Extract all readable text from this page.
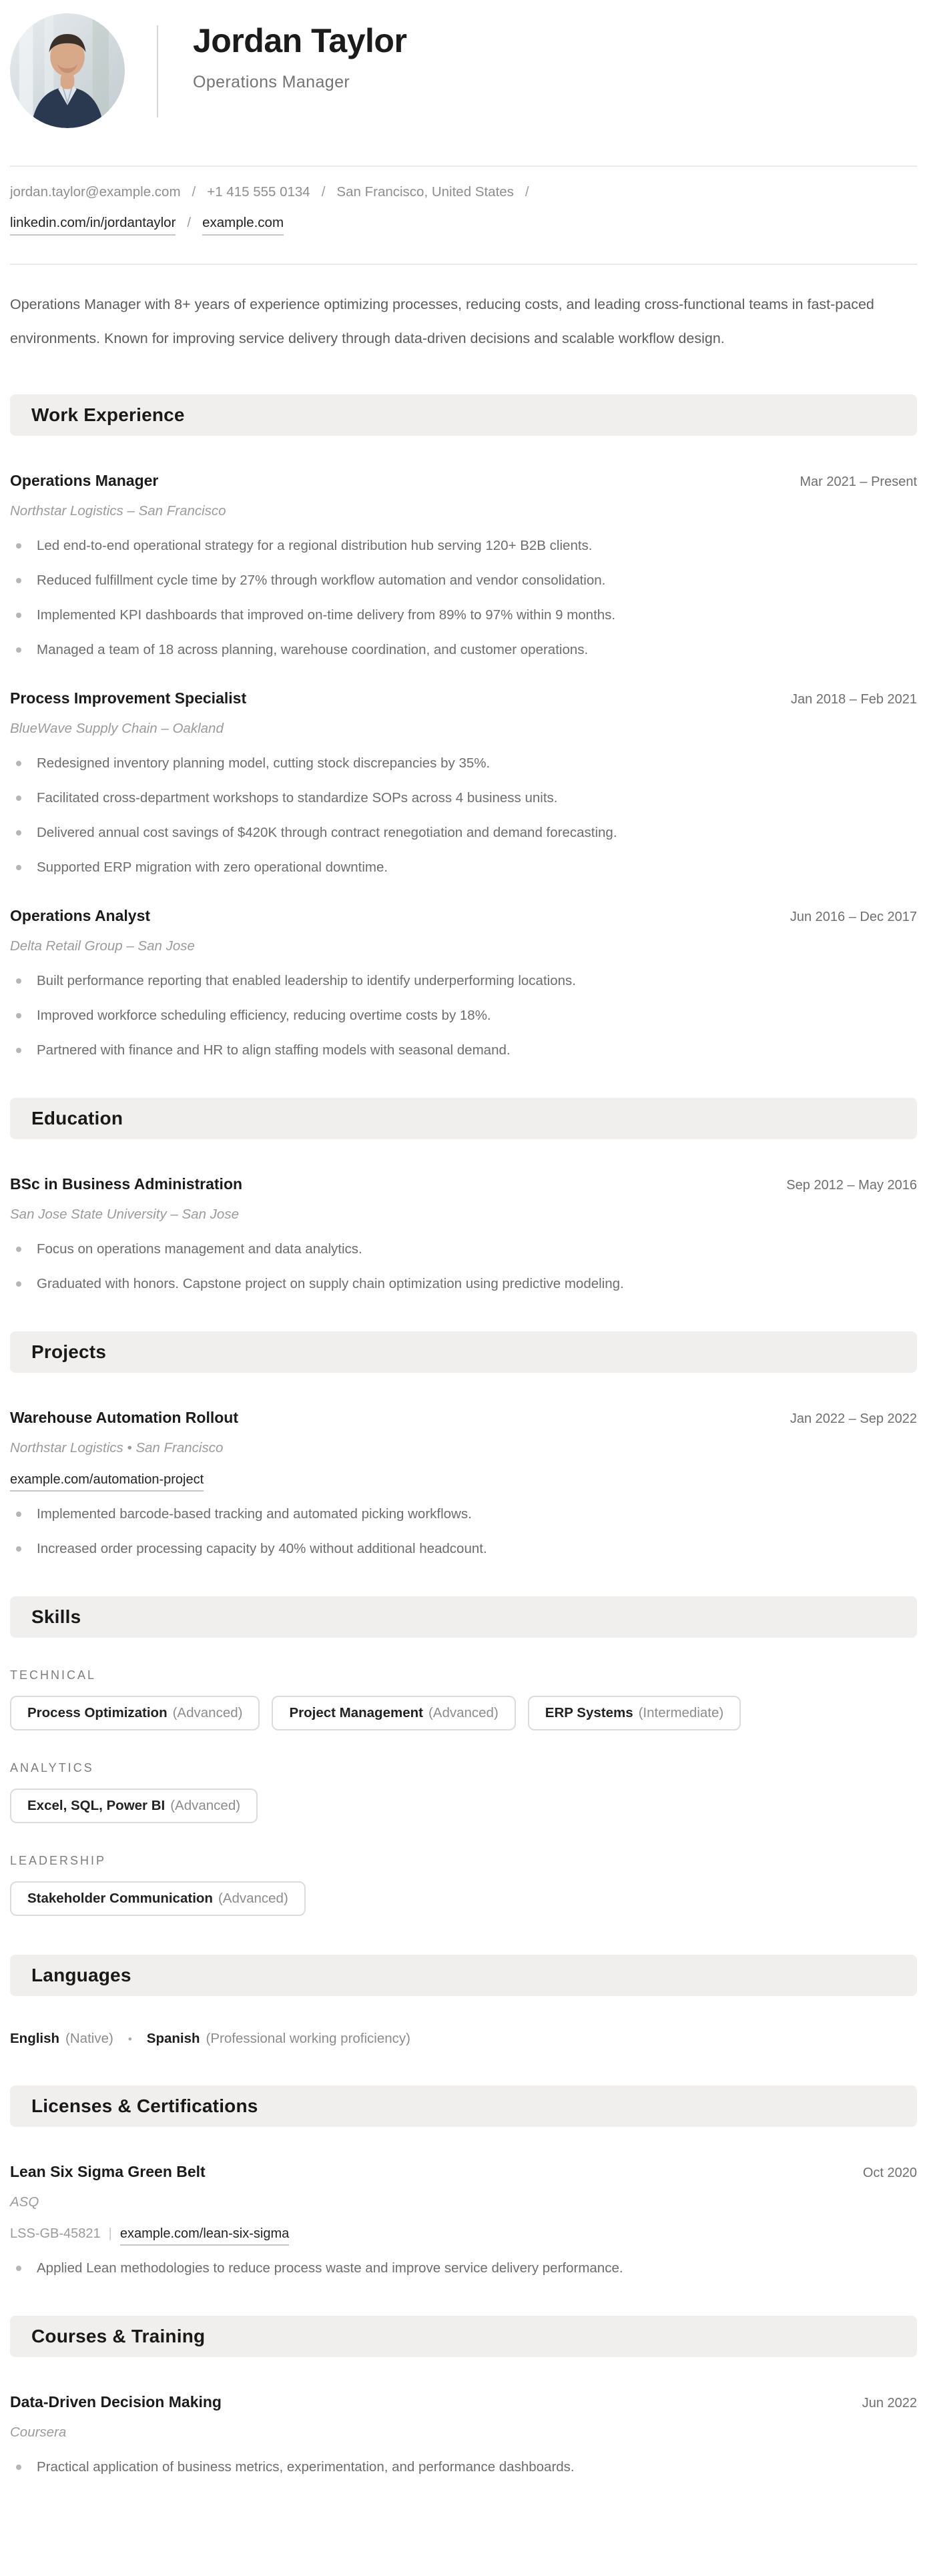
Jordan Taylor
Operations Manager
jordan.taylor@example.com / +1 415 555 0134 / San Francisco, United States /
linkedin.com/in/jordantaylor / example.com

Operations Manager with 8+ years of experience optimizing processes, reducing costs, and leading cross-functional teams in fast-paced environments. Known for improving service delivery through data-driven decisions and scalable workflow design.

Work Experience
Operations Manager	Mar 2021 – Present
Northstar Logistics – San Francisco
Led end-to-end operational strategy for a regional distribution hub serving 120+ B2B clients.
Reduced fulfillment cycle time by 27% through workflow automation and vendor consolidation.
Implemented KPI dashboards that improved on-time delivery from 89% to 97% within 9 months.
Managed a team of 18 across planning, warehouse coordination, and customer operations.
Process Improvement Specialist	Jan 2018 – Feb 2021
BlueWave Supply Chain – Oakland
Redesigned inventory planning model, cutting stock discrepancies by 35%.
Facilitated cross-department workshops to standardize SOPs across 4 business units.
Delivered annual cost savings of $420K through contract renegotiation and demand forecasting.
Supported ERP migration with zero operational downtime.
Operations Analyst	Jun 2016 – Dec 2017
Delta Retail Group – San Jose
Built performance reporting that enabled leadership to identify underperforming locations.
Improved workforce scheduling efficiency, reducing overtime costs by 18%.
Partnered with finance and HR to align staffing models with seasonal demand.
Education
BSc in Business Administration	Sep 2012 – May 2016
San Jose State University – San Jose
Focus on operations management and data analytics.
Graduated with honors. Capstone project on supply chain optimization using predictive modeling.
Projects
Warehouse Automation Rollout	Jan 2022 – Sep 2022
Northstar Logistics • San Francisco
example.com/automation-project
Implemented barcode-based tracking and automated picking workflows.
Increased order processing capacity by 40% without additional headcount.
Skills
TECHNICAL
Process Optimization (Advanced)	Project Management (Advanced)	ERP Systems (Intermediate)
ANALYTICS
Excel, SQL, Power BI (Advanced)
LEADERSHIP
Stakeholder Communication (Advanced)
Languages
English (Native) • Spanish (Professional working proficiency)
Licenses & Certifications
Lean Six Sigma Green Belt	Oct 2020
ASQ
LSS-GB-45821 | example.com/lean-six-sigma
Applied Lean methodologies to reduce process waste and improve service delivery performance.
Courses & Training
Data-Driven Decision Making	Jun 2022
Coursera
Practical application of business metrics, experimentation, and performance dashboards.
